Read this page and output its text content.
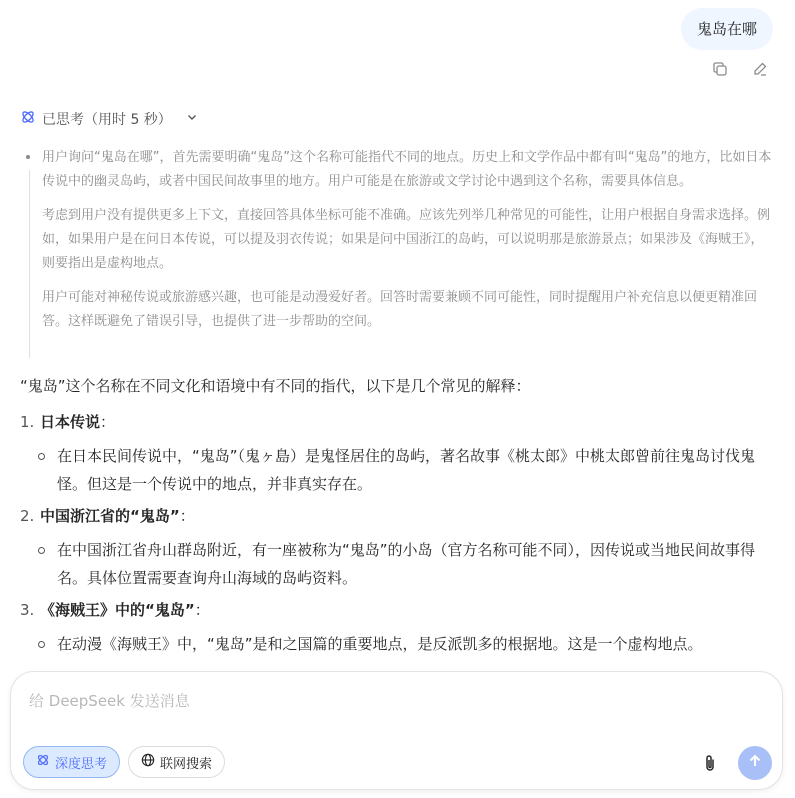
鬼岛在哪
已思考（用时 5 秒）

用户询问“鬼岛在哪”，首先需要明确“鬼岛”这个名称可能指代不同的地点。历史上和文学作品中都有叫“鬼岛”的地方，比如日本传说中的幽灵岛屿，或者中国民间故事里的地方。用户可能是在旅游或文学讨论中遇到这个名称，需要具体信息。

考虑到用户没有提供更多上下文，直接回答具体坐标可能不准确。应该先列举几种常见的可能性，让用户根据自身需求选择。例如，如果用户是在问日本传说，可以提及羽衣传说；如果是问中国浙江的岛屿，可以说明那是旅游景点；如果涉及《海贼王》，则要指出是虚构地点。

用户可能对神秘传说或旅游感兴趣，也可能是动漫爱好者。回答时需要兼顾不同可能性，同时提醒用户补充信息以便更精准回答。这样既避免了错误引导，也提供了进一步帮助的空间。

“鬼岛”这个名称在不同文化和语境中有不同的指代，以下是几个常见的解释：

1. 日本传说：
在日本民间传说中，“鬼岛”（鬼ヶ島）是鬼怪居住的岛屿，著名故事《桃太郎》中桃太郎曾前往鬼岛讨伐鬼怪。但这是一个传说中的地点，并非真实存在。
2. 中国浙江省的“鬼岛”：
在中国浙江省舟山群岛附近，有一座被称为“鬼岛”的小岛（官方名称可能不同），因传说或当地民间故事得名。具体位置需要查询舟山海域的岛屿资料。
3. 《海贼王》中的“鬼岛”：
在动漫《海贼王》中，“鬼岛”是和之国篇的重要地点，是反派凯多的根据地。这是一个虚构地点。
给 DeepSeek 发送消息
深度思考	联网搜索
